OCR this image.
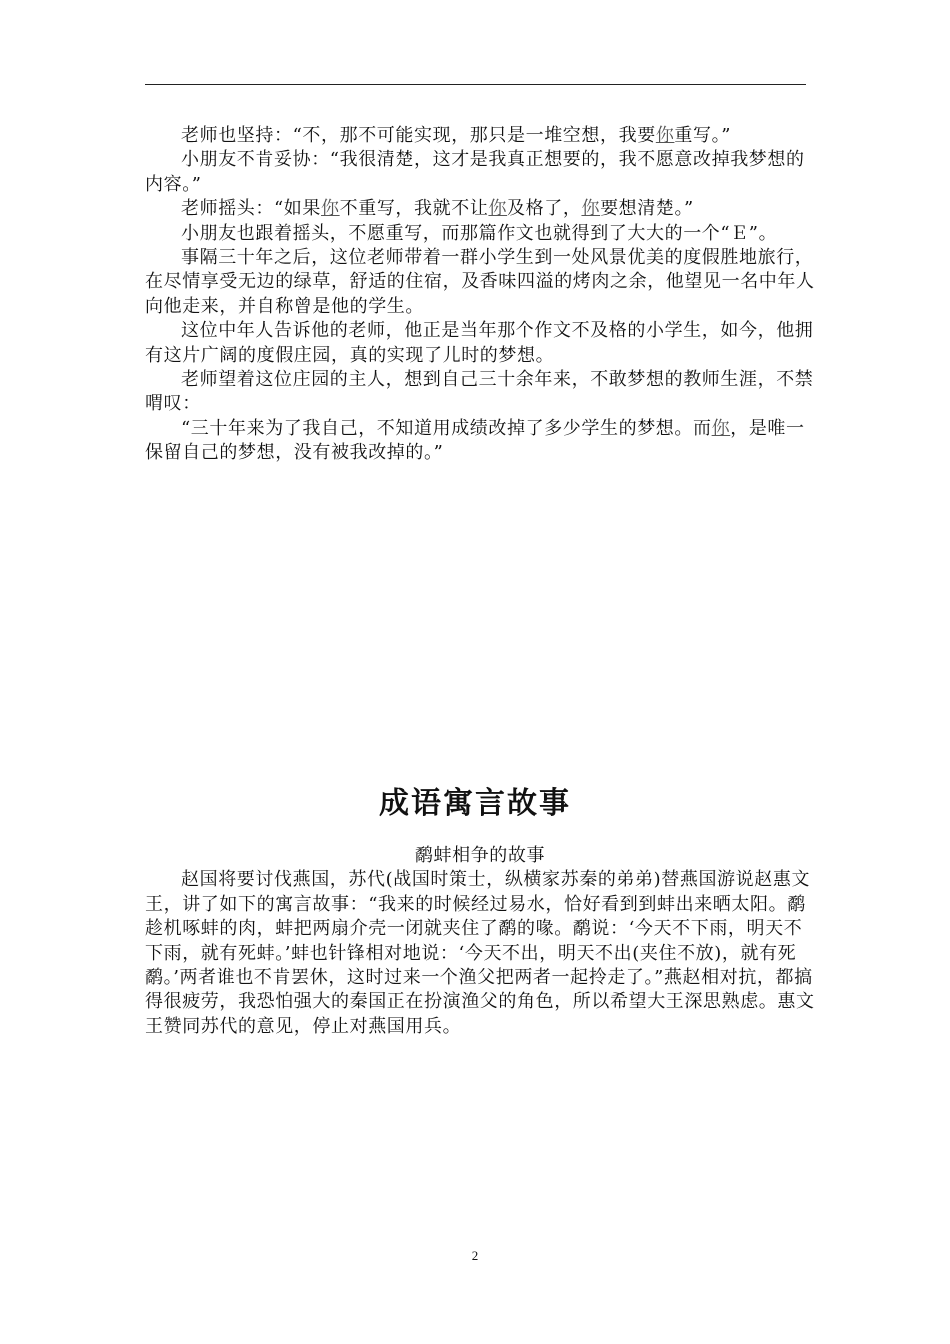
老师也坚持：“不，那不可能实现，那只是一堆空想，我要你重写。”

小朋友不肯妥协：“我很清楚，这才是我真正想要的，我不愿意改掉我梦想的内容。”

老师摇头：“如果你不重写，我就不让你及格了，你要想清楚。”

小朋友也跟着摇头，不愿重写，而那篇作文也就得到了大大的一个“Ｅ”。

事隔三十年之后，这位老师带着一群小学生到一处风景优美的度假胜地旅行，在尽情享受无边的绿草，舒适的住宿，及香味四溢的烤肉之余，他望见一名中年人向他走来，并自称曾是他的学生。

这位中年人告诉他的老师，他正是当年那个作文不及格的小学生，如今，他拥有这片广阔的度假庄园，真的实现了儿时的梦想。

老师望着这位庄园的主人，想到自己三十余年来，不敢梦想的教师生涯，不禁喟叹：

“三十年来为了我自己，不知道用成绩改掉了多少学生的梦想。而你，是唯一保留自己的梦想，没有被我改掉的。”

成语寓言故事

鹬蚌相争的故事

赵国将要讨伐燕国，苏代(战国时策士，纵横家苏秦的弟弟)替燕国游说赵惠文王，讲了如下的寓言故事：“我来的时候经过易水，恰好看到到蚌出来晒太阳。鹬趁机啄蚌的肉，蚌把两扇介壳一闭就夹住了鹬的喙。鹬说：‘今天不下雨，明天不下雨，就有死蚌。’蚌也针锋相对地说：‘今天不出，明天不出(夹住不放)，就有死鹬。’两者谁也不肯罢休，这时过来一个渔父把两者一起拎走了。”燕赵相对抗，都搞得很疲劳，我恐怕强大的秦国正在扮演渔父的角色，所以希望大王深思熟虑。惠文王赞同苏代的意见，停止对燕国用兵。

2
